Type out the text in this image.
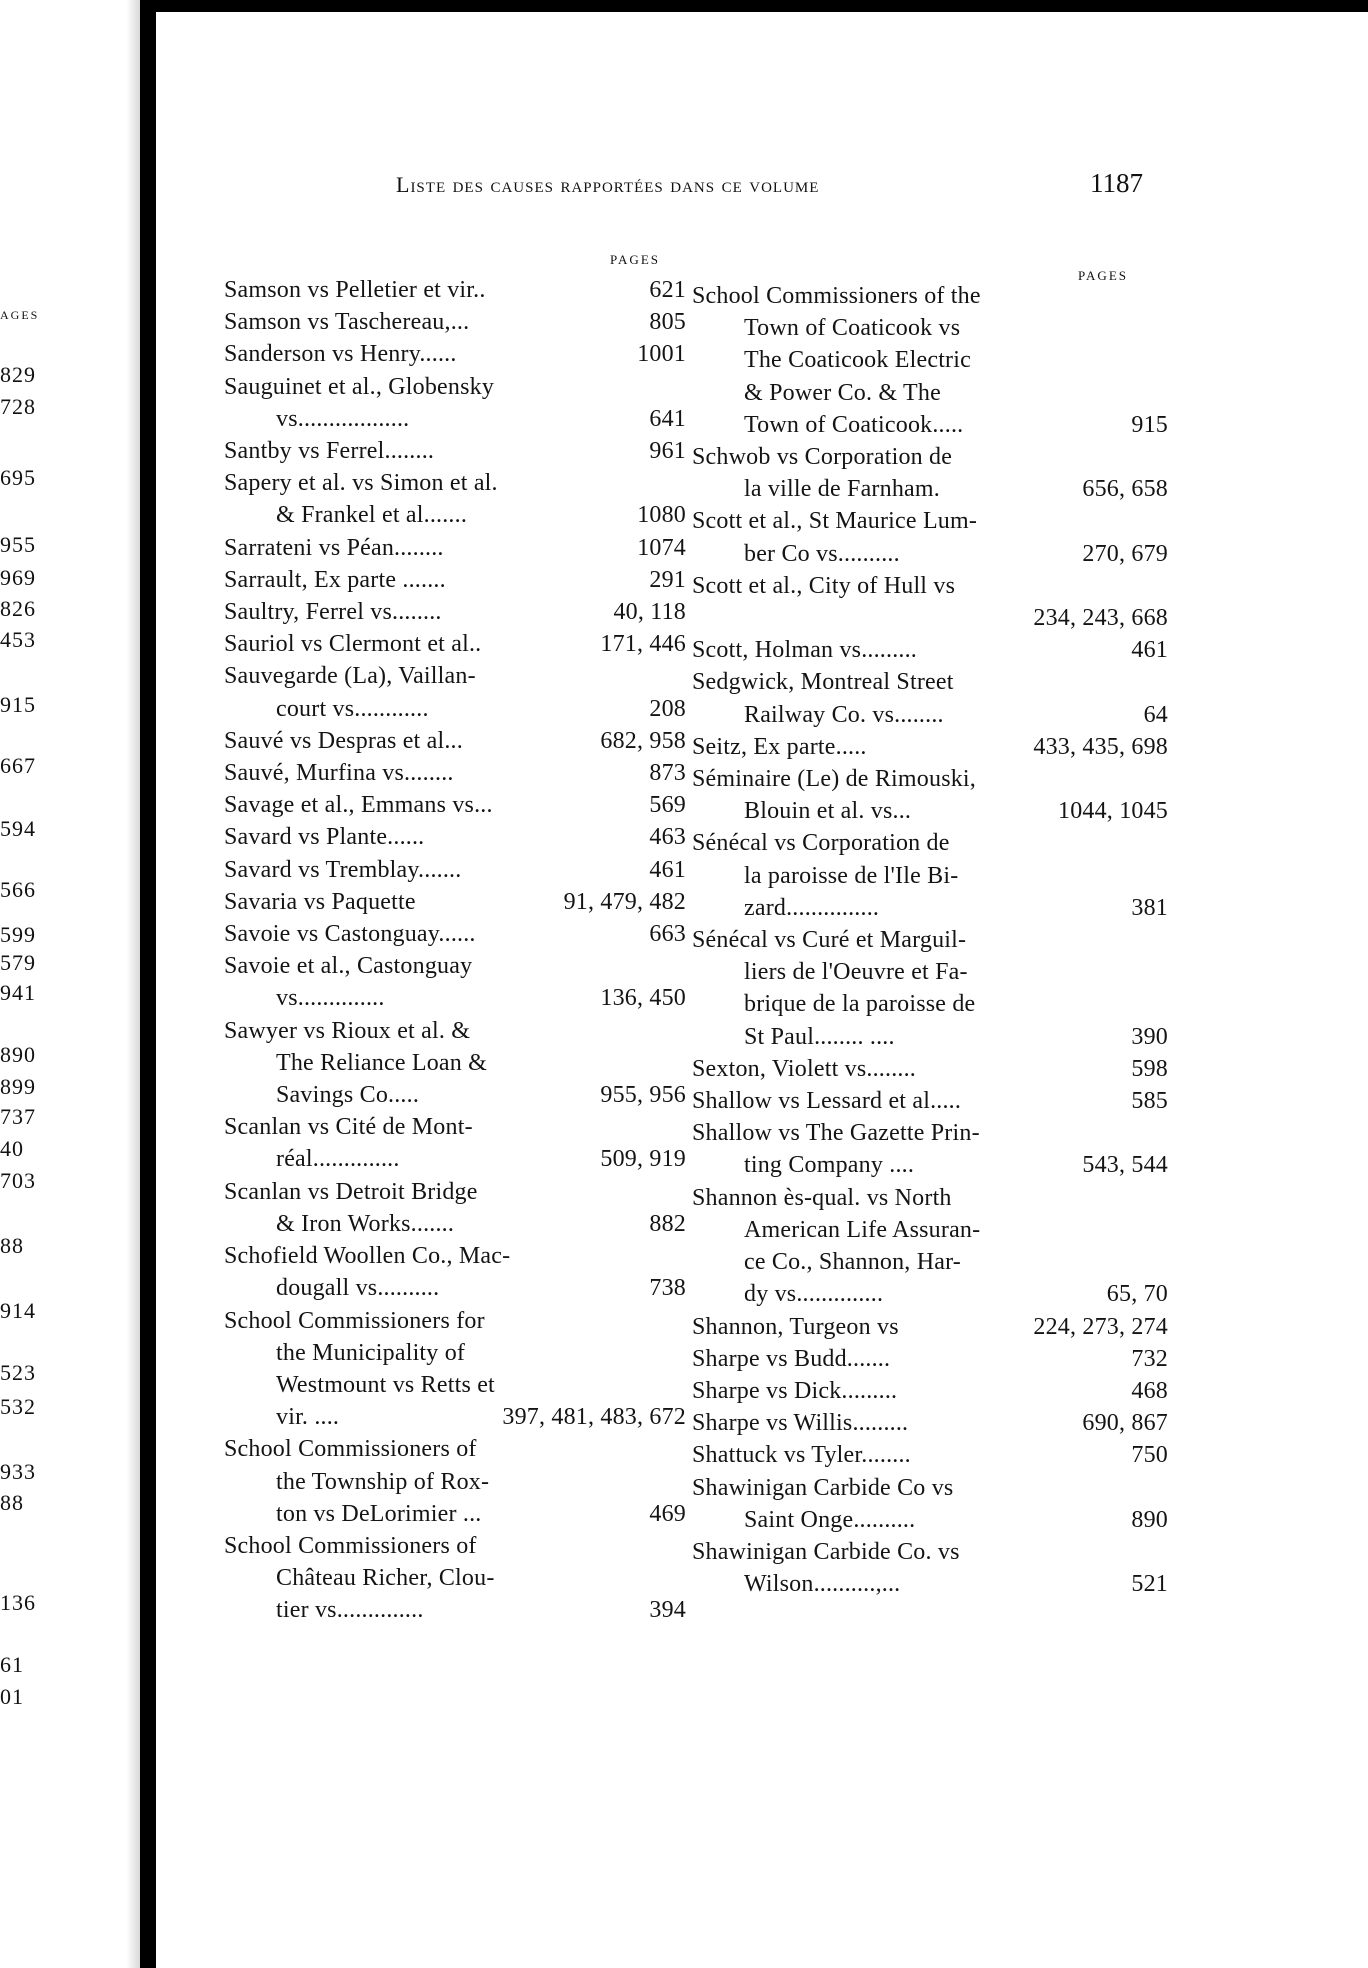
AGES
829
728
695
955
969
826
453
915
667
594
566
599
579
941
890
899
737
40
703
88
914
523
532
933
88
136
61
01
Liste des causes rapportées dans ce volume	1187
PAGES
PAGES
Samson vs Pelletier et vir..	621
Samson vs Taschereau,...	805
Sanderson vs Henry......	1001
Sauguinet et al., Globensky
vs..................	641
Santby vs Ferrel........	961
Sapery et al. vs Simon et al.
& Frankel et al.......	1080
Sarrateni vs Péan........	1074
Sarrault, Ex parte .......	291
Saultry, Ferrel vs........	40, 118
Sauriol vs Clermont et al..	171, 446
Sauvegarde (La), Vaillan-
court vs............	208
Sauvé vs Despras et al...	682, 958
Sauvé, Murfina vs........	873
Savage et al., Emmans vs...	569
Savard vs Plante......	463
Savard vs Tremblay.......	461
Savaria vs Paquette	91, 479, 482
Savoie vs Castonguay......	663
Savoie et al., Castonguay
vs..............	136, 450
Sawyer vs Rioux et al. &
The Reliance Loan &
Savings Co.....	955, 956
Scanlan vs Cité de Mont-
réal..............	509, 919
Scanlan vs Detroit Bridge
& Iron Works.......	882
Schofield Woollen Co., Mac-
dougall vs..........	738
School Commissioners for
the Municipality of
Westmount vs Retts et
vir. ....	397, 481, 483, 672
School Commissioners of
the Township of Rox-
ton vs DeLorimier ...	469
School Commissioners of
Château Richer, Clou-
tier vs..............	394
School Commissioners of the
Town of Coaticook vs
The Coaticook Electric
& Power Co. & The
Town of Coaticook.....	915
Schwob vs Corporation de
la ville de Farnham.	656, 658
Scott et al., St Maurice Lum-
ber Co vs..........	270, 679
Scott et al., City of Hull vs
234, 243, 668
Scott, Holman vs.........	461
Sedgwick, Montreal Street
Railway Co. vs........	64
Seitz, Ex parte.....	433, 435, 698
Séminaire (Le) de Rimouski,
Blouin et al. vs...	1044, 1045
Sénécal vs Corporation de
la paroisse de l'Ile Bi-
zard...............	381
Sénécal vs Curé et Marguil-
liers de l'Oeuvre et Fa-
brique de la paroisse de
St Paul........ ....	390
Sexton, Violett vs........	598
Shallow vs Lessard et al.....	585
Shallow vs The Gazette Prin-
ting Company ....	543, 544
Shannon ès-qual. vs North
American Life Assuran-
ce Co., Shannon, Har-
dy vs..............	65, 70
Shannon, Turgeon vs	224, 273, 274
Sharpe vs Budd.......	732
Sharpe vs Dick.........	468
Sharpe vs Willis.........	690, 867
Shattuck vs Tyler........	750
Shawinigan Carbide Co vs
Saint Onge..........	890
Shawinigan Carbide Co. vs
Wilson..........,...	521
